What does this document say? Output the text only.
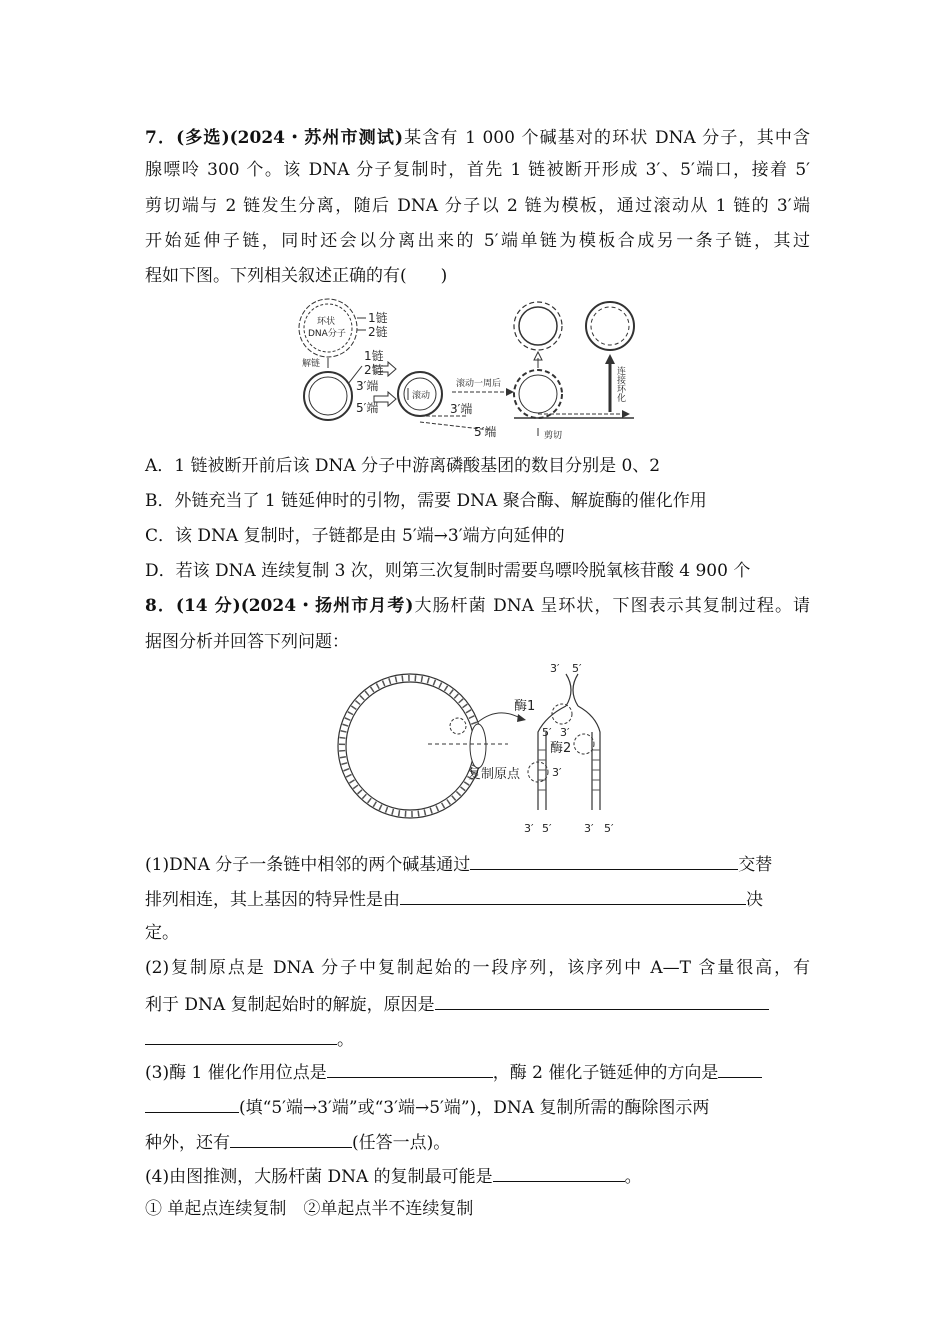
7．(多选)(2024・苏州市测试)某含有 1 000 个碱基对的环状 DNA 分子，其中含
腺嘌呤 300 个。该 DNA 分子复制时，首先 1 链被断开形成 3′、5′端口，接着 5′
剪切端与 2 链发生分离，随后 DNA 分子以 2 链为模板，通过滚动从 1 链的 3′端
开始延伸子链，同时还会以分离出来的 5′端单链为模板合成另一条子链，其过
程如下图。下列相关叙述正确的有(　　)
环状
DNA分子
1链
2链
解链
1链
2链
3′端
5′端
滚动
3′端
5′端
滚动一周后
剪切
连接环化
A．1 链被断开前后该 DNA 分子中游离磷酸基团的数目分别是 0、2
B．外链充当了 1 链延伸时的引物，需要 DNA 聚合酶、解旋酶的催化作用
C．该 DNA 复制时，子链都是由 5′端→3′端方向延伸的
D．若该 DNA 连续复制 3 次，则第三次复制时需要鸟嘌呤脱氧核苷酸 4 900 个
8．(14 分)(2024・扬州市月考)大肠杆菌 DNA 呈环状，下图表示其复制过程。请
据图分析并回答下列问题：
复制原点
酶1
酶2
3′ 5′
5′ 3′
3′
3′ 5′	3′ 5′
(1)DNA 分子一条链中相邻的两个碱基通过	交替
排列相连，其上基因的特异性是由	决
定。
(2)复制原点是 DNA 分子中复制起始的一段序列，该序列中 A—T 含量很高，有
利于 DNA 复制起始时的解旋，原因是
。
(3)酶 1 催化作用位点是	，酶 2 催化子链延伸的方向是
(填“5′端→3′端”或“3′端→5′端”)，DNA 复制所需的酶除图示两
种外，还有	(任答一点)。
(4)由图推测，大肠杆菌 DNA 的复制最可能是	。
① 单起点连续复制　②单起点半不连续复制
